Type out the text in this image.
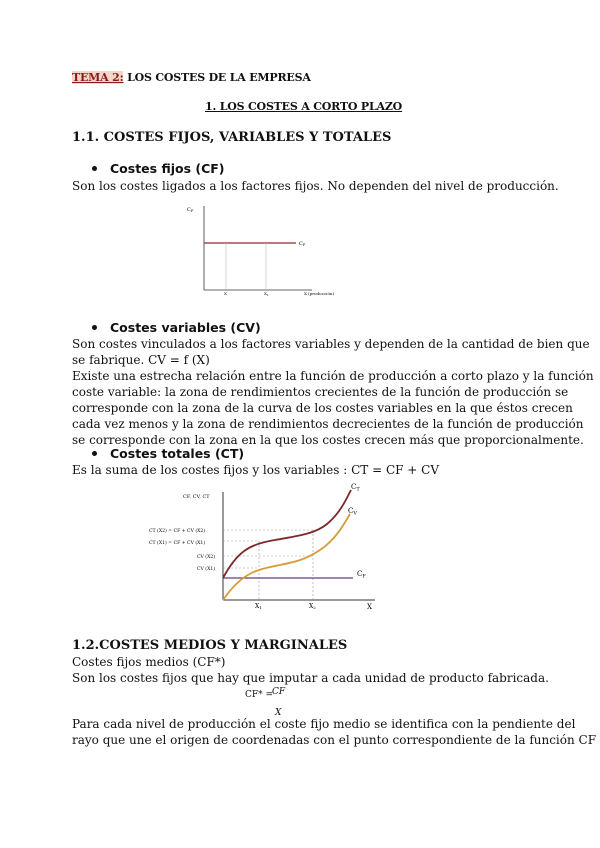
TEMA 2: LOS COSTES DE LA EMPRESA
1. LOS COSTES A CORTO PLAZO
1.1. COSTES FIJOS, VARIABLES Y TOTALES
Costes fijos (CF)

Son los costes ligados a los factores fijos. No dependen del nivel de producción.

$C_F$
$C_F$
X	$X_1$	X (producción)
Costes variables (CV)

Son costes vinculados a los factores variables y dependen de la cantidad de bien que

se fabrique. CV = f (X)

Existe una estrecha relación entre la función de producción a corto plazo y la función

coste variable: la zona de rendimientos crecientes de la función de producción se

corresponde con la zona de la curva de los costes variables en la que éstos crecen

cada vez menos y la zona de rendimientos decrecientes de la función de producción

se corresponde con la zona en la que los costes crecen más que proporcionalmente.

Costes totales (CT)

Es la suma de los costes fijos y los variables : CT = CF + CV

CF, CV, CT
$C_T$
$C_V$
$C_F$
CT (X2) = CF + CV (X2)
CT (X1) = CF + CV (X1)
CV (X2)
CV (X1)
X1	X2	X
1.2.COSTES MEDIOS Y MARGINALES

Costes fijos medios (CF*)

Son los costes fijos que hay que imputar a cada unidad de producto fabricada.

CF* =
CF
X

Para cada nivel de producción el coste fijo medio se identifica con la pendiente del

rayo que une el origen de coordenadas con el punto correspondiente de la función CF
